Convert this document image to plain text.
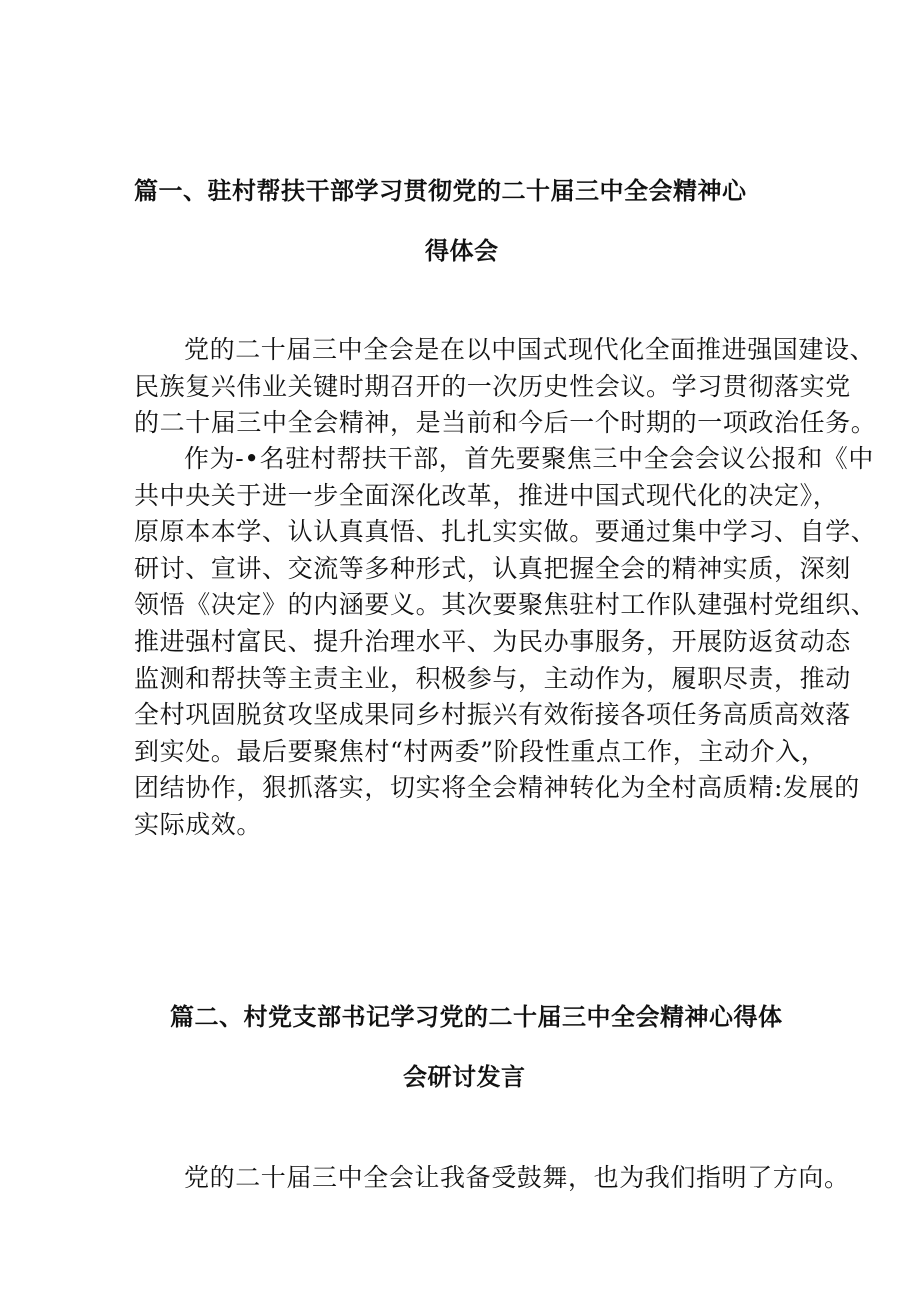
篇一、驻村帮扶干部学习贯彻党的二十届三中全会精神心
得体会
党的二十届三中全会是在以中国式现代化全面推进强国建设、
民族复兴伟业关键时期召开的一次历史性会议。学习贯彻落实党
的二十届三中全会精神，是当前和今后一个时期的一项政治任务。
作为-•名驻村帮扶干部，首先要聚焦三中全会会议公报和《中
共中央关于进一步全面深化改革，推进中国式现代化的决定》，
原原本本学、认认真真悟、扎扎实实做。要通过集中学习、自学、
研讨、宣讲、交流等多种形式，认真把握全会的精神实质，深刻
领悟《决定》的内涵要义。其次要聚焦驻村工作队建强村党组织、
推进强村富民、提升治理水平、为民办事服务，开展防返贫动态
监测和帮扶等主责主业，积极参与，主动作为，履职尽责，推动
全村巩固脱贫攻坚成果同乡村振兴有效衔接各项任务高质高效落
到实处。最后要聚焦村“村两委”阶段性重点工作，主动介入，
团结协作，狠抓落实，切实将全会精神转化为全村高质精:发展的
实际成效。
篇二、村党支部书记学习党的二十届三中全会精神心得体
会研讨发言
党的二十届三中全会让我备受鼓舞，也为我们指明了方向。
